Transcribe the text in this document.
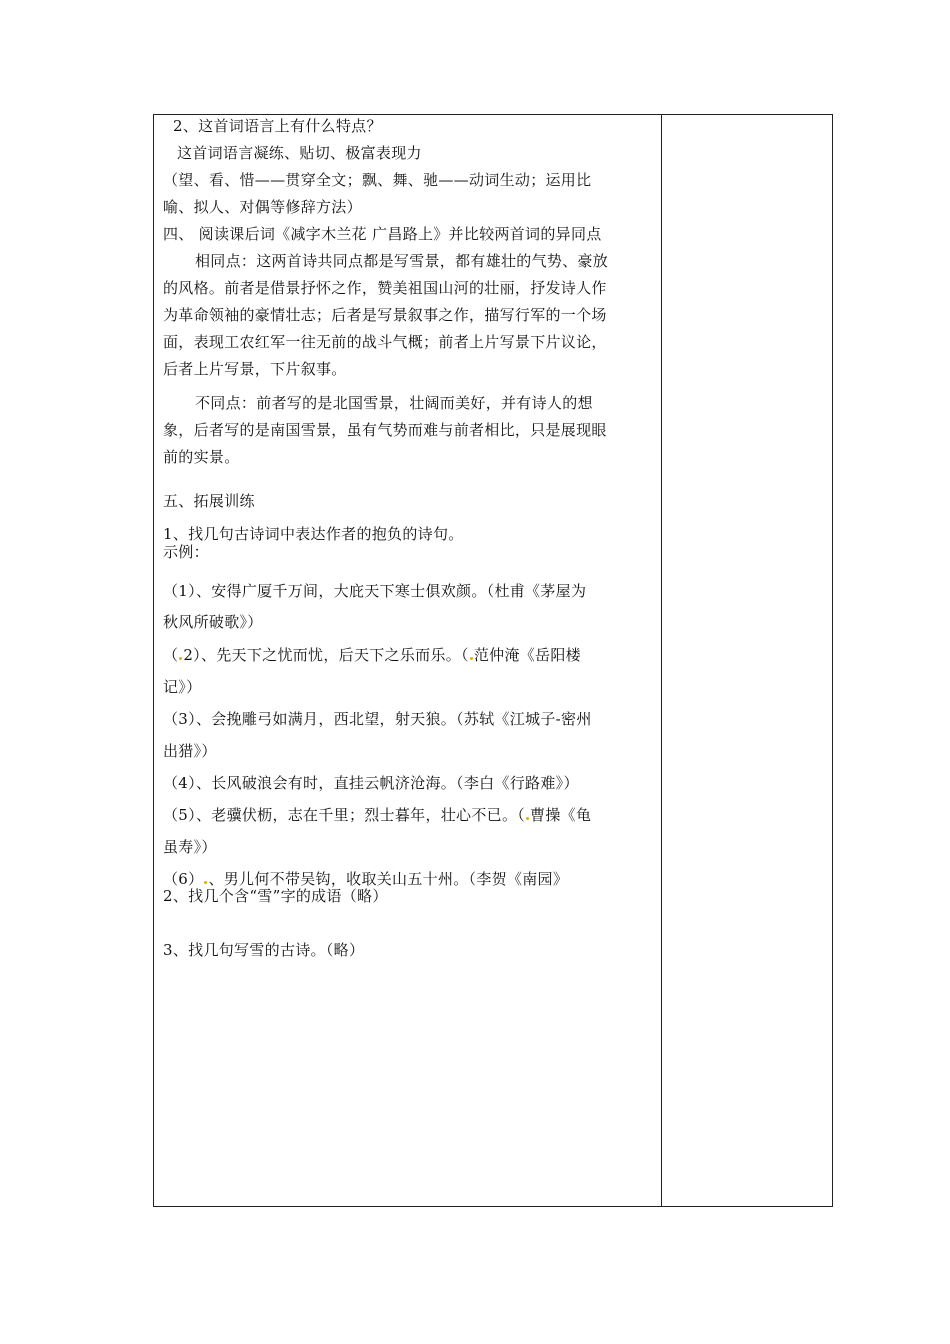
2、这首词语言上有什么特点？
这首词语言凝练、贴切、极富表现力
（望、看、惜——贯穿全文；飘、舞、驰——动词生动；运用比
喻、拟人、对偶等修辞方法）
四、 阅读课后词《减字木兰花 广昌路上》并比较两首词的异同点
相同点：这两首诗共同点都是写雪景，都有雄壮的气势、豪放
的风格。前者是借景抒怀之作，赞美祖国山河的壮丽，抒发诗人作
为革命领袖的豪情壮志；后者是写景叙事之作，描写行军的一个场
面，表现工农红军一往无前的战斗气概；前者上片写景下片议论，
后者上片写景，下片叙事。
不同点：前者写的是北国雪景，壮阔而美好，并有诗人的想
象，后者写的是南国雪景，虽有气势而难与前者相比，只是展现眼
前的实景。
五、拓展训练
1、找几句古诗词中表达作者的抱负的诗句。
示例：
（1）、安得广厦千万间，大庇天下寒士俱欢颜。（杜甫《茅屋为
秋风所破歌》）
（ 2）、先天下之忧而忧，后天下之乐而乐。（ 范仲淹《岳阳楼
记》）
（3）、会挽雕弓如满月，西北望，射天狼。（苏轼《江城子-密州
出猎》）
（4）、长风破浪会有时，直挂云帆济沧海。（李白《行路难》）
（5）、老骥伏枥，志在千里；烈士暮年，壮心不已。（ 曹操《龟
虽寿》）
（6） 、男儿何不带吴钩，收取关山五十州。（李贺《南园》
2、找几个含“雪”字的成语（略）
3、找几句写雪的古诗。（略）
